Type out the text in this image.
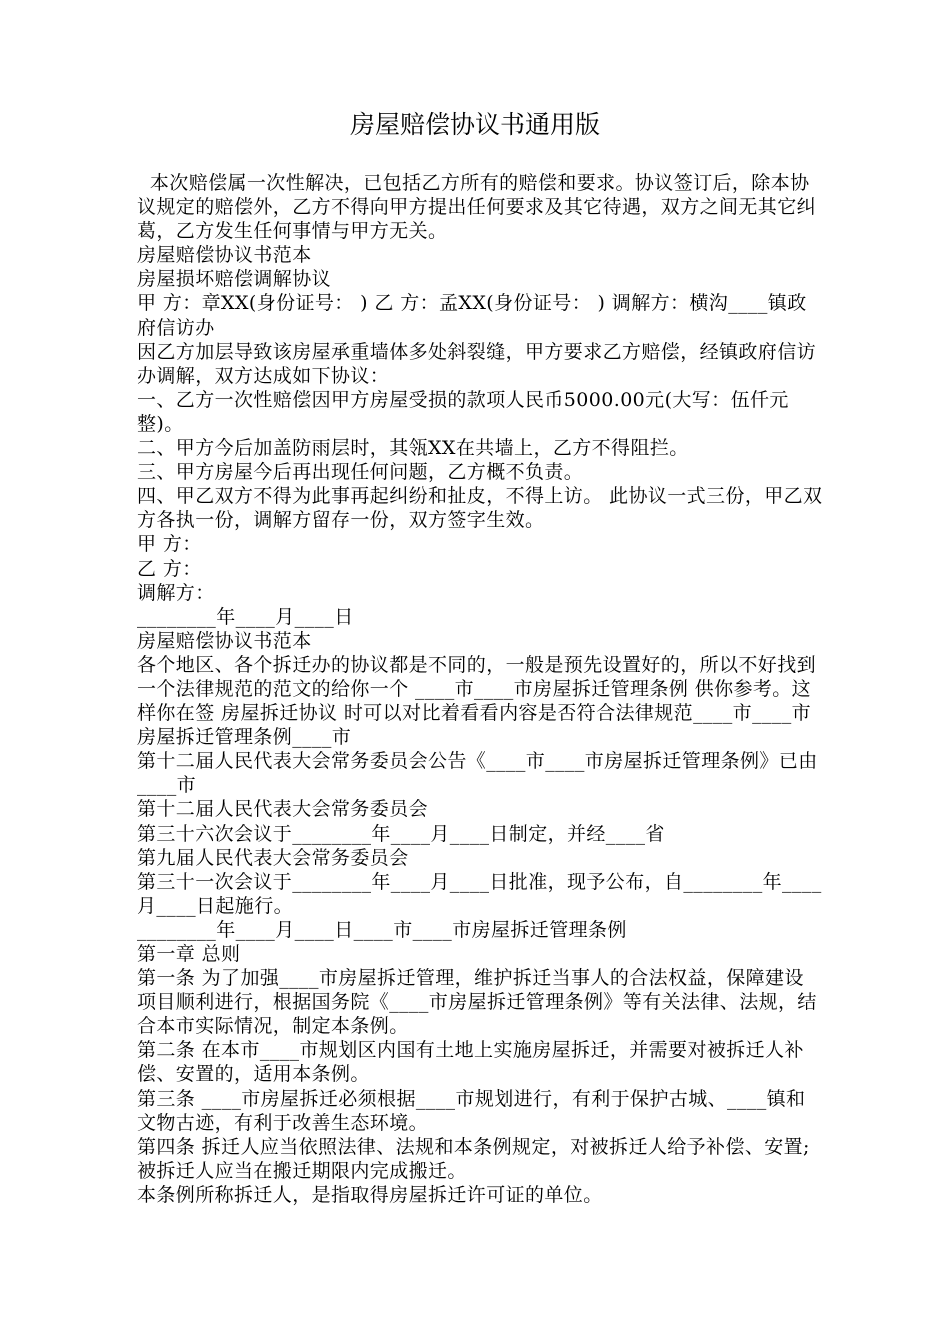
房屋赔偿协议书通用版

本次赔偿属一次性解决，已包括乙方所有的赔偿和要求。协议签订后，除本协议规定的赔偿外，乙方不得向甲方提出任何要求及其它待遇，双方之间无其它纠葛，乙方发生任何事情与甲方无关。

房屋赔偿协议书范本

房屋损坏赔偿调解协议

甲 方：章XX(身份证号： ) 乙 方：孟XX(身份证号： ) 调解方：横沟____镇政府信访办

因乙方加层导致该房屋承重墙体多处斜裂缝，甲方要求乙方赔偿，经镇政府信访办调解，双方达成如下协议：

一、乙方一次性赔偿因甲方房屋受损的款项人民币5000.00元(大写：伍仟元整)。

二、甲方今后加盖防雨层时，其瓴XX在共墙上，乙方不得阻拦。

三、甲方房屋今后再出现任何问题，乙方概不负责。

四、甲乙双方不得为此事再起纠纷和扯皮，不得上访。 此协议一式三份，甲乙双方各执一份，调解方留存一份，双方签字生效。

甲 方：

乙 方：

调解方：

________年____月____日

房屋赔偿协议书范本

各个地区、各个拆迁办的协议都是不同的，一般是预先设置好的，所以不好找到一个法律规范的范文的给你一个 ____市____市房屋拆迁管理条例 供你参考。这样你在签 房屋拆迁协议 时可以对比着看看内容是否符合法律规范____市____市房屋拆迁管理条例____市

第十二届人民代表大会常务委员会公告《____市____市房屋拆迁管理条例》已由____市

第十二届人民代表大会常务委员会

第三十六次会议于________年____月____日制定，并经____省

第九届人民代表大会常务委员会

第三十一次会议于________年____月____日批准，现予公布，自________年____月____日起施行。

________年____月____日____市____市房屋拆迁管理条例

第一章 总则

第一条 为了加强____市房屋拆迁管理，维护拆迁当事人的合法权益，保障建设项目顺利进行，根据国务院《____市房屋拆迁管理条例》等有关法律、法规，结合本市实际情况，制定本条例。

第二条 在本市____市规划区内国有土地上实施房屋拆迁，并需要对被拆迁人补偿、安置的，适用本条例。

第三条 ____市房屋拆迁必须根据____市规划进行，有利于保护古城、____镇和文物古迹，有利于改善生态环境。

第四条 拆迁人应当依照法律、法规和本条例规定，对被拆迁人给予补偿、安置;被拆迁人应当在搬迁期限内完成搬迁。

本条例所称拆迁人，是指取得房屋拆迁许可证的单位。
